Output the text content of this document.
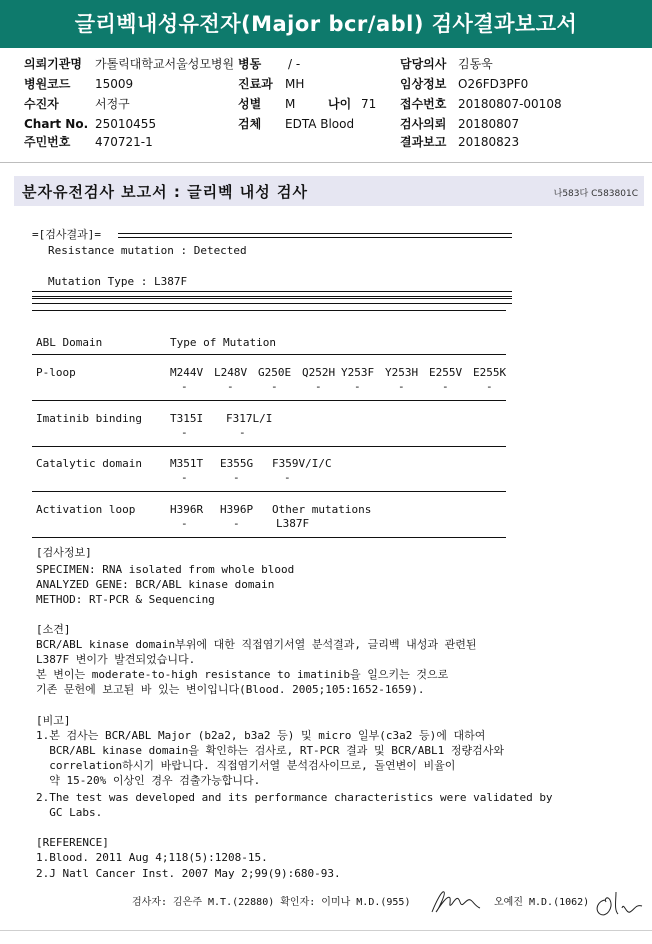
글리벡내성유전자(Major bcr/abl) 검사결과보고서
의뢰기관명 가톨릭대학교서울성모병원 병동 / -	담당의사 김동욱
병원코드 15009	진료과 MH	임상정보 O26FD3PF0
수진자	서정구	성별 M	나이 71 접수번호 20180807-00108
Chart No. 25010455	검체 EDTA Blood	검사의뢰 20180807
주민번호 470721-1	결과보고 20180823
분자유전검사 보고서 : 글리벡 내성 검사	나583다 C583801C
=[검사결과]=
Resistance mutation : Detected
Mutation Type : L387F
ABL Domain	Type of Mutation
P-loop	M244V L248V G250E Q252H Y253F Y253H E255V E255K
-	-	-	-	-	-	-	-
Imatinib binding	T315I F317L/I
-	-
Catalytic domain	M351T E355G F359V/I/C
-	-	-
Activation loop	H396R H396P Other mutations
-	-	L387F
[검사정보]
SPECIMEN: RNA isolated from whole blood
ANALYZED GENE: BCR/ABL kinase domain
METHOD: RT-PCR & Sequencing
[소견]
BCR/ABL kinase domain부위에 대한 직접염기서열 분석결과, 글리벡 내성과 관련된
L387F 변이가 발견되었습니다.
본 변이는 moderate-to-high resistance to imatinib을 일으키는 것으로
기존 문헌에 보고된 바 있는 변이입니다(Blood. 2005;105:1652-1659).
[비고]
1.본 검사는 BCR/ABL Major (b2a2, b3a2 등) 및 micro 일부(c3a2 등)에 대하여
BCR/ABL kinase domain을 확인하는 검사로, RT-PCR 결과 및 BCR/ABL1 정량검사와
correlation하시기 바랍니다. 직접염기서열 분석검사이므로, 돌연변이 비율이
약 15-20% 이상인 경우 검출가능합니다.
2.The test was developed and its performance characteristics were validated by
GC Labs.
[REFERENCE]
1.Blood. 2011 Aug 4;118(5):1208-15.
2.J Natl Cancer Inst. 2007 May 2;99(9):680-93.
검사자: 김은주 M.T.(22880) 확인자: 이미나 M.D.(955)	오예진 M.D.(1062)
